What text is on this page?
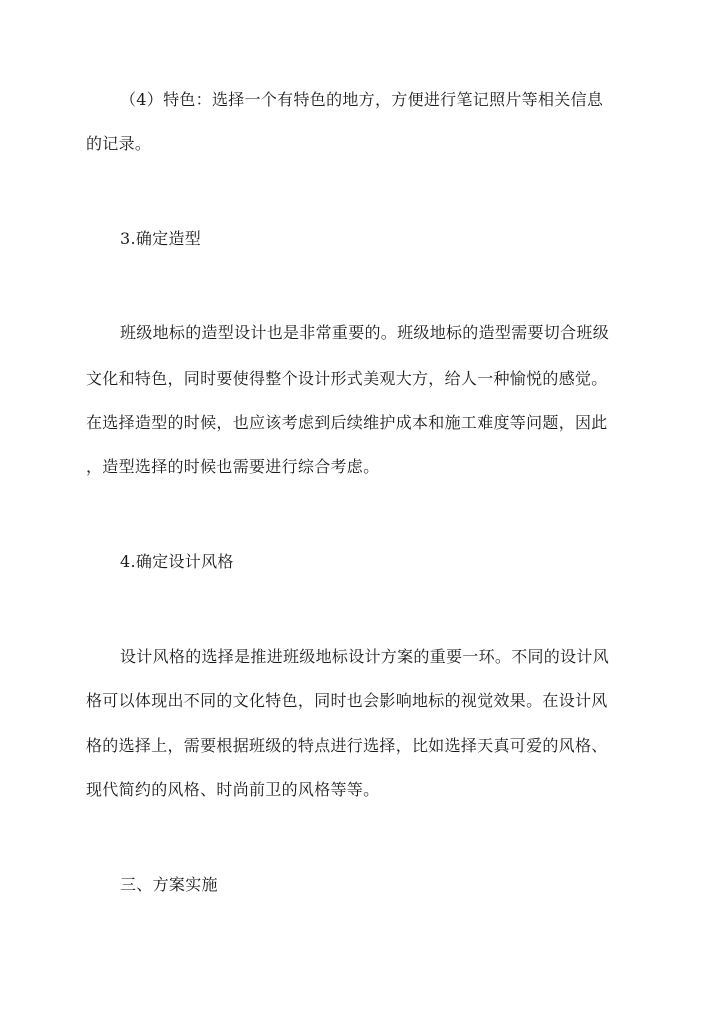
（4）特色：选择一个有特色的地方，方便进行笔记照片等相关信息
的记录。
3.确定造型
班级地标的造型设计也是非常重要的。班级地标的造型需要切合班级
文化和特色，同时要使得整个设计形式美观大方，给人一种愉悦的感觉。
在选择造型的时候，也应该考虑到后续维护成本和施工难度等问题，因此
，造型选择的时候也需要进行综合考虑。
4.确定设计风格
设计风格的选择是推进班级地标设计方案的重要一环。不同的设计风
格可以体现出不同的文化特色，同时也会影响地标的视觉效果。在设计风
格的选择上，需要根据班级的特点进行选择，比如选择天真可爱的风格、
现代简约的风格、时尚前卫的风格等等。
三、方案实施
